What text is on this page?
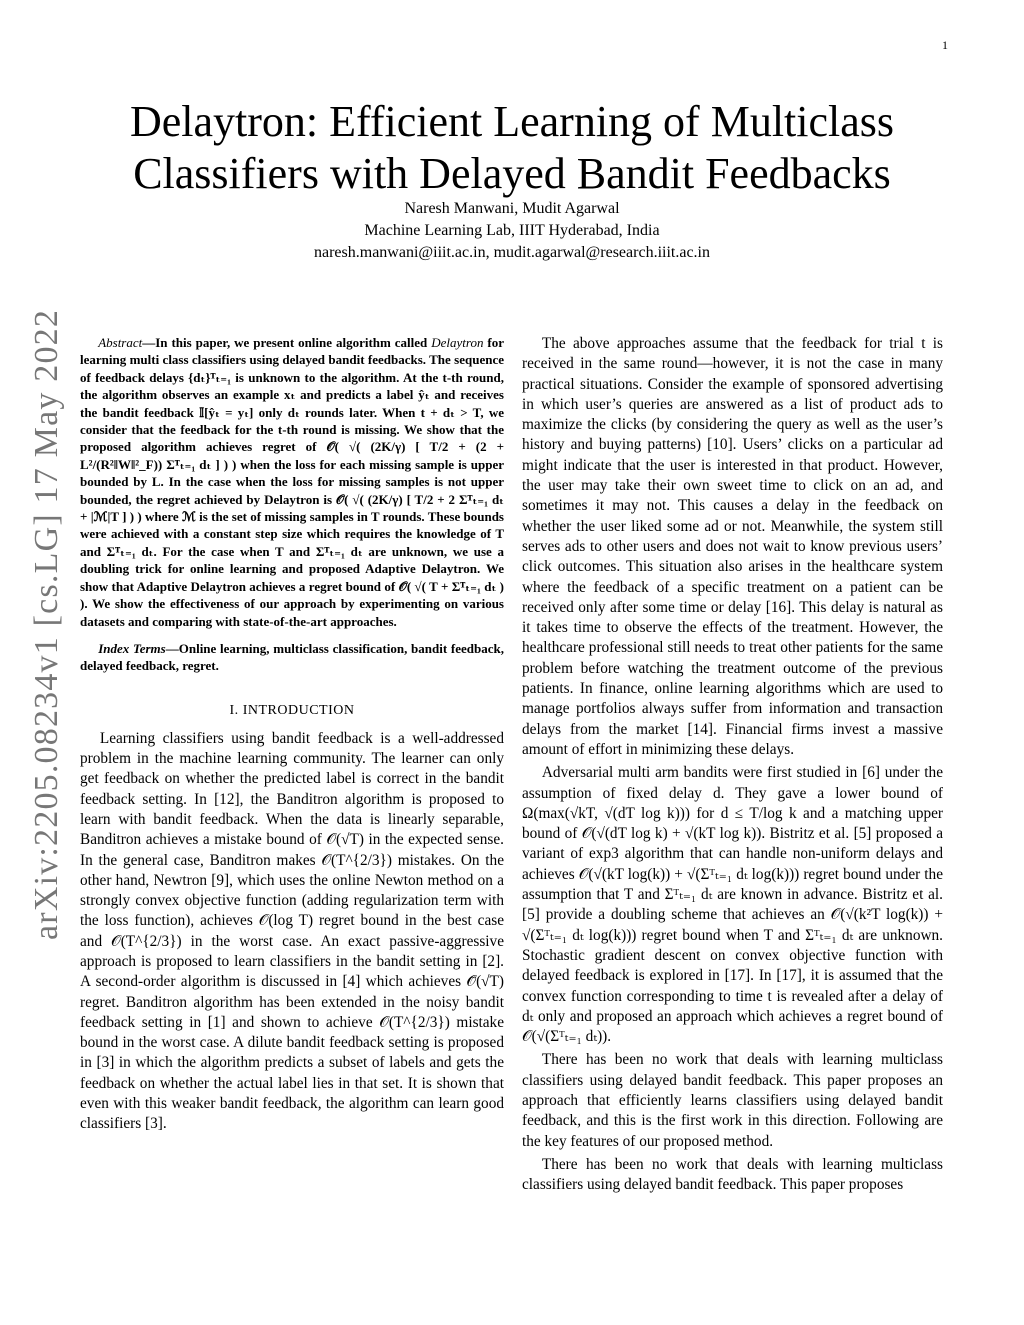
1
arXiv:2205.08234v1 [cs.LG] 17 May 2022
Delaytron: Efficient Learning of Multiclass
Classifiers with Delayed Bandit Feedbacks
Naresh Manwani, Mudit Agarwal
Machine Learning Lab, IIIT Hyderabad, India
naresh.manwani@iiit.ac.in, mudit.agarwal@research.iiit.ac.in

Abstract—In this paper, we present online algorithm called Delaytron for learning multi class classifiers using delayed bandit feedbacks. The sequence of feedback delays {dₜ}ᵀₜ₌₁ is unknown to the algorithm. At the t-th round, the algorithm observes an example xₜ and predicts a label ŷₜ and receives the bandit feedback 𝕀[ŷₜ = yₜ] only dₜ rounds later. When t + dₜ > T, we consider that the feedback for the t-th round is missing. We show that the proposed algorithm achieves regret of 𝒪( √( (2K/γ) [ T/2 + (2 + L²/(R²‖W‖²_F)) Σᵀₜ₌₁ dₜ ] ) ) when the loss for each missing sample is upper bounded by L. In the case when the loss for missing samples is not upper bounded, the regret achieved by Delaytron is 𝒪( √( (2K/γ) [ T/2 + 2 Σᵀₜ₌₁ dₜ + |ℳ|T ] ) ) where ℳ is the set of missing samples in T rounds. These bounds were achieved with a constant step size which requires the knowledge of T and Σᵀₜ₌₁ dₜ. For the case when T and Σᵀₜ₌₁ dₜ are unknown, we use a doubling trick for online learning and proposed Adaptive Delaytron. We show that Adaptive Delaytron achieves a regret bound of 𝒪( √( T + Σᵀₜ₌₁ dₜ ) ). We show the effectiveness of our approach by experimenting on various datasets and comparing with state-of-the-art approaches.

Index Terms—Online learning, multiclass classification, bandit feedback, delayed feedback, regret.

I. INTRODUCTION

Learning classifiers using bandit feedback is a well-addressed problem in the machine learning community. The learner can only get feedback on whether the predicted label is correct in the bandit feedback setting. In [12], the Banditron algorithm is proposed to learn with bandit feedback. When the data is linearly separable, Banditron achieves a mistake bound of 𝒪(√T) in the expected sense. In the general case, Banditron makes 𝒪(T^{2/3}) mistakes. On the other hand, Newtron [9], which uses the online Newton method on a strongly convex objective function (adding regularization term with the loss function), achieves 𝒪(log T) regret bound in the best case and 𝒪(T^{2/3}) in the worst case. An exact passive-aggressive approach is proposed to learn classifiers in the bandit setting in [2]. A second-order algorithm is discussed in [4] which achieves 𝒪̃(√T) regret. Banditron algorithm has been extended in the noisy bandit feedback setting in [1] and shown to achieve 𝒪(T^{2/3}) mistake bound in the worst case. A dilute bandit feedback setting is proposed in [3] in which the algorithm predicts a subset of labels and gets the feedback on whether the actual label lies in that set. It is shown that even with this weaker bandit feedback, the algorithm can learn good classifiers [3].

The above approaches assume that the feedback for trial t is received in the same round—however, it is not the case in many practical situations. Consider the example of sponsored advertising in which user’s queries are answered as a list of product ads to maximize the clicks (by considering the query as well as the user’s history and buying patterns) [10]. Users’ clicks on a particular ad might indicate that the user is interested in that product. However, the user may take their own sweet time to click on an ad, and sometimes it may not. This causes a delay in the feedback on whether the user liked some ad or not. Meanwhile, the system still serves ads to other users and does not wait to know previous users’ click outcomes. This situation also arises in the healthcare system where the feedback of a specific treatment on a patient can be received only after some time or delay [16]. This delay is natural as it takes time to observe the effects of the treatment. However, the healthcare professional still needs to treat other patients for the same problem before watching the treatment outcome of the previous patients. In finance, online learning algorithms which are used to manage portfolios always suffer from information and transaction delays from the market [14]. Financial firms invest a massive amount of effort in minimizing these delays.

Adversarial multi arm bandits were first studied in [6] under the assumption of fixed delay d. They gave a lower bound of Ω(max(√kT, √(dT log k))) for d ≤ T/log k and a matching upper bound of 𝒪(√(dT log k) + √(kT log k)). Bistritz et al. [5] proposed a variant of exp3 algorithm that can handle non-uniform delays and achieves 𝒪(√(kT log(k)) + √(Σᵀₜ₌₁ dₜ log(k))) regret bound under the assumption that T and Σᵀₜ₌₁ dₜ are known in advance. Bistritz et al. [5] provide a doubling scheme that achieves an 𝒪(√(k²T log(k)) + √(Σᵀₜ₌₁ dₜ log(k))) regret bound when T and Σᵀₜ₌₁ dₜ are unknown. Stochastic gradient descent on convex objective function with delayed feedback is explored in [17]. In [17], it is assumed that the convex function corresponding to time t is revealed after a delay of dₜ only and proposed an approach which achieves a regret bound of 𝒪(√(Σᵀₜ₌₁ dₜ)).

There has been no work that deals with learning multiclass classifiers using delayed bandit feedback. This paper proposes an approach that efficiently learns classifiers using delayed bandit feedback, and this is the first work in this direction. Following are the key features of our proposed method.

There has been no work that deals with learning multiclass classifiers using delayed bandit feedback. This paper proposes
